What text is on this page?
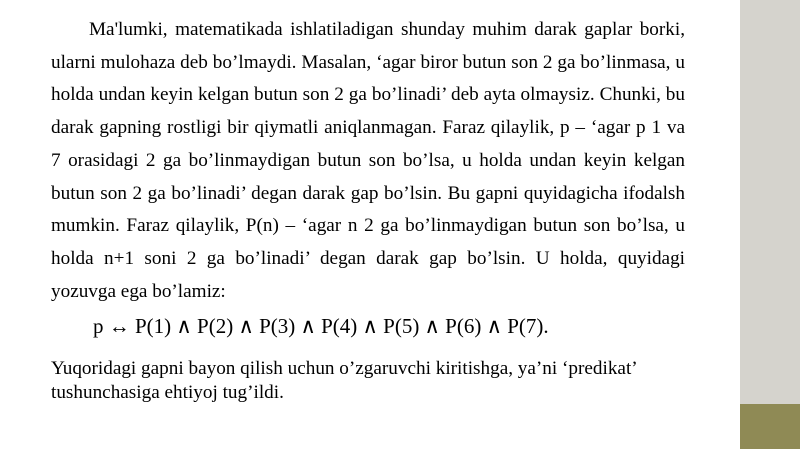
Ma'lumki, matematikada ishlatiladigan shunday muhim darak gaplar borki, ularni mulohaza deb bo’lmaydi. Masalan, ‘agar biror butun son 2 ga bo’linmasa, u holda undan keyin kelgan butun son 2 ga bo’linadi’ deb ayta olmaysiz. Chunki, bu darak gapning rostligi bir qiymatli aniqlanmagan. Faraz qilaylik, p – ‘agar p 1 va 7 orasidagi 2 ga bo’linmaydigan butun son bo’lsa, u holda undan keyin kelgan butun son 2 ga bo’linadi’ degan darak gap bo’lsin. Bu gapni quyidagicha ifodalsh mumkin. Faraz qilaylik, P(n) – ‘agar n 2 ga bo’linmaydigan butun son bo’lsa, u holda n+1 soni 2 ga bo’linadi’ degan darak gap bo’lsin. U holda, quyidagi yozuvga ega bo’lamiz:

p ↔ P(1) ∧ P(2) ∧ P(3) ∧ P(4) ∧ P(5) ∧ P(6) ∧ P(7).

Yuqoridagi gapni bayon qilish uchun o’zgaruvchi kiritishga, ya’ni ‘predikat’ tushunchasiga ehtiyoj tug’ildi.
